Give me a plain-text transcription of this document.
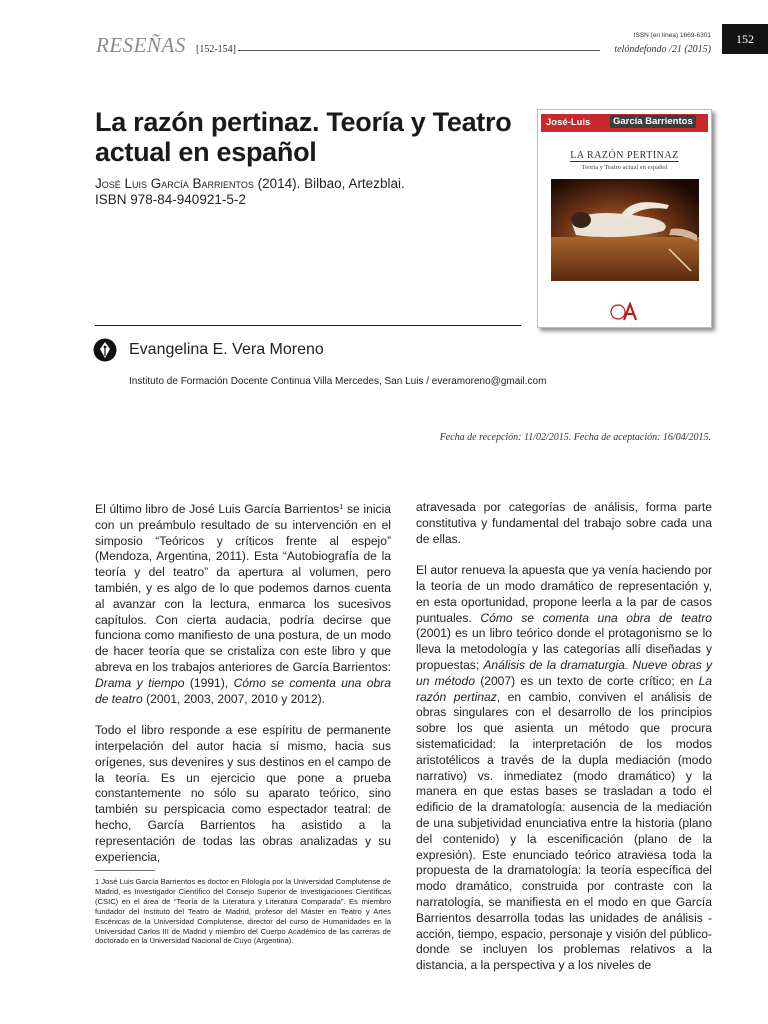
RESEÑAS [152-154]
ISSN (en línea) 1669-6301
telóndefondo /21 (2015)
152
La razón pertinaz. Teoría y Teatro actual en español
José Luis García Barrientos (2014). Bilbao, Artezblai.
ISBN 978-84-940921-5-2
José-Luis	García Barrientos
LA RAZÓN PERTINAZ
Teoría y Teatro actual en español
Evangelina E. Vera Moreno
Instituto de Formación Docente Continua Villa Mercedes, San Luis / everamoreno@gmail.com
Fecha de recepción: 11/02/2015. Fecha de aceptación: 16/04/2015.

El último libro de José Luis García Barrientos$^1$ se inicia con un preámbulo resultado de su intervención en el simposio “Teóricos y críticos frente al espejo” (Mendoza, Argentina, 2011). Esta “Autobiografía de la teoría y del teatro” da apertura al volumen, pero también, y es algo de lo que podemos darnos cuenta al avanzar con la lectura, enmarca los sucesivos capítulos. Con cierta audacia, podría decirse que funciona como manifiesto de una postura, de un modo de hacer teoría que se cristaliza con este libro y que abreva en los trabajos anteriores de García Barrientos: Drama y tiempo (1991), Cómo se comenta una obra de teatro (2001, 2003, 2007, 2010 y 2012).

Todo el libro responde a ese espíritu de permanente interpelación del autor hacia sí mismo, hacia sus orígenes, sus devenires y sus destinos en el campo de la teoría. Es un ejercicio que pone a prueba constantemente no sólo su aparato teórico, sino también su perspicacia como espectador teatral: de hecho, García Barrientos ha asistido a la representación de todas las obras analizadas y su experiencia,

atravesada por categorías de análisis, forma parte constitutiva y fundamental del trabajo sobre cada una de ellas.

El autor renueva la apuesta que ya venía haciendo por la teoría de un modo dramático de representación y, en esta oportunidad, propone leerla a la par de casos puntuales. Cómo se comenta una obra de teatro (2001) es un libro teórico donde el protagonismo se lo lleva la metodología y las categorías allí diseñadas y propuestas; Análisis de la dramaturgia. Nueve obras y un método (2007) es un texto de corte crítico; en La razón pertinaz, en cambio, conviven el análisis de obras singulares con el desarrollo de los principios sobre los que asienta un método que procura sistematicidad: la interpretación de los modos aristotélicos a través de la dupla mediación (modo narrativo) vs. inmediatez (modo dramático) y la manera en que estas bases se trasladan a todo el edificio de la dramatología: ausencia de la mediación de una subjetividad enunciativa entre la historia (plano del contenido) y la escenificación (plano de la expresión). Este enunciado teórico atraviesa toda la propuesta de la dramatología: la teoría específica del modo dramático, construida por contraste con la narratología, se manifiesta en el modo en que García Barrientos desarrolla todas las unidades de análisis -acción, tiempo, espacio, personaje y visión del público- donde se incluyen los problemas relativos a la distancia, a la perspectiva y a los niveles de

1 José Luis García Barrientos es doctor en Filología por la Universidad Complutense de Madrid, es Investigador Científico del Consejo Superior de Investigaciones Científicas (CSIC) en el área de “Teoría de la Literatura y Literatura Comparada”. Es miembro fundador del Instituto del Teatro de Madrid, profesor del Máster en Teatro y Artes Escénicas de la Universidad Complutense, director del curso de Humanidades en la Universidad Carlos III de Madrid y miembro del Cuerpo Académico de las carreras de doctorado en la Universidad Nacional de Cuyo (Argentina).
